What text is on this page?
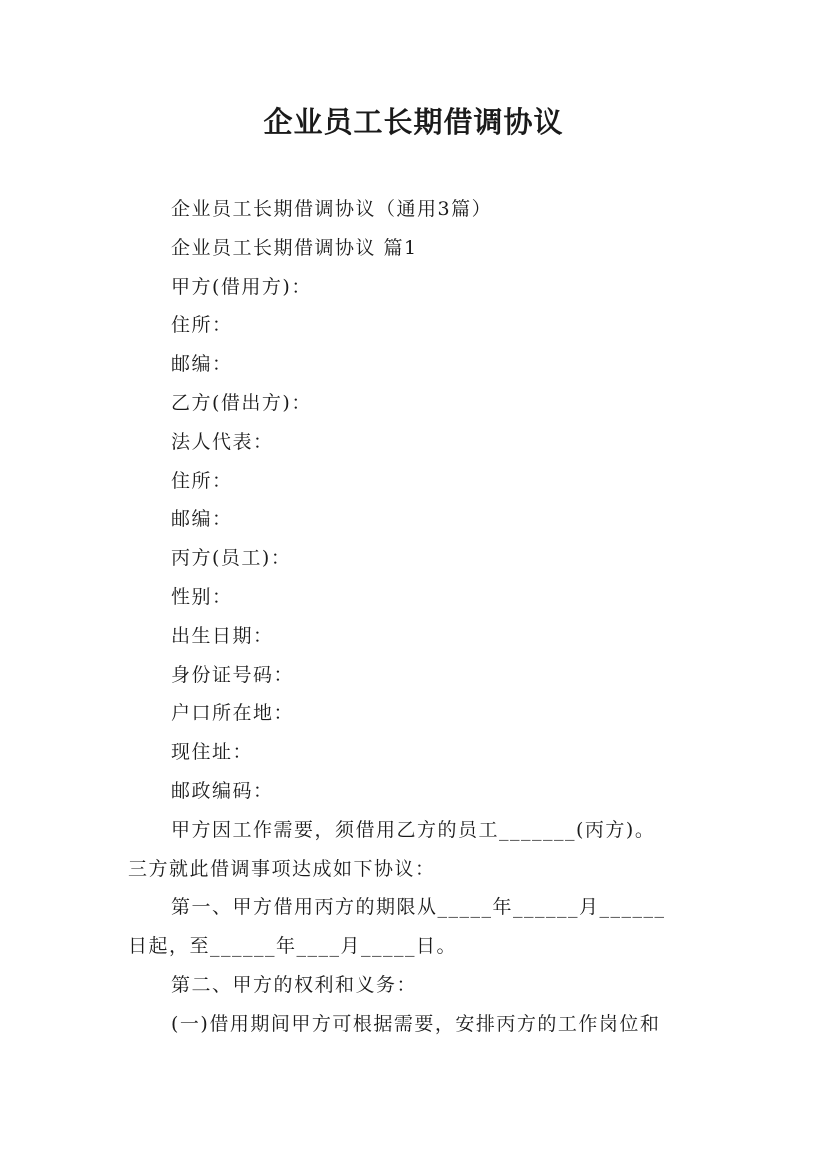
企业员工长期借调协议

企业员工长期借调协议（通用3篇）

企业员工长期借调协议 篇1

甲方(借用方)：

住所：

邮编：

乙方(借出方)：

法人代表：

住所：

邮编：

丙方(员工)：

性别：

出生日期：

身份证号码：

户口所在地：

现住址：

邮政编码：

甲方因工作需要，须借用乙方的员工_______(丙方)。
三方就此借调事项达成如下协议：

第一、甲方借用丙方的期限从_____年______月______
日起，至______年____月_____日。

第二、甲方的权利和义务：

(一)借用期间甲方可根据需要，安排丙方的工作岗位和
